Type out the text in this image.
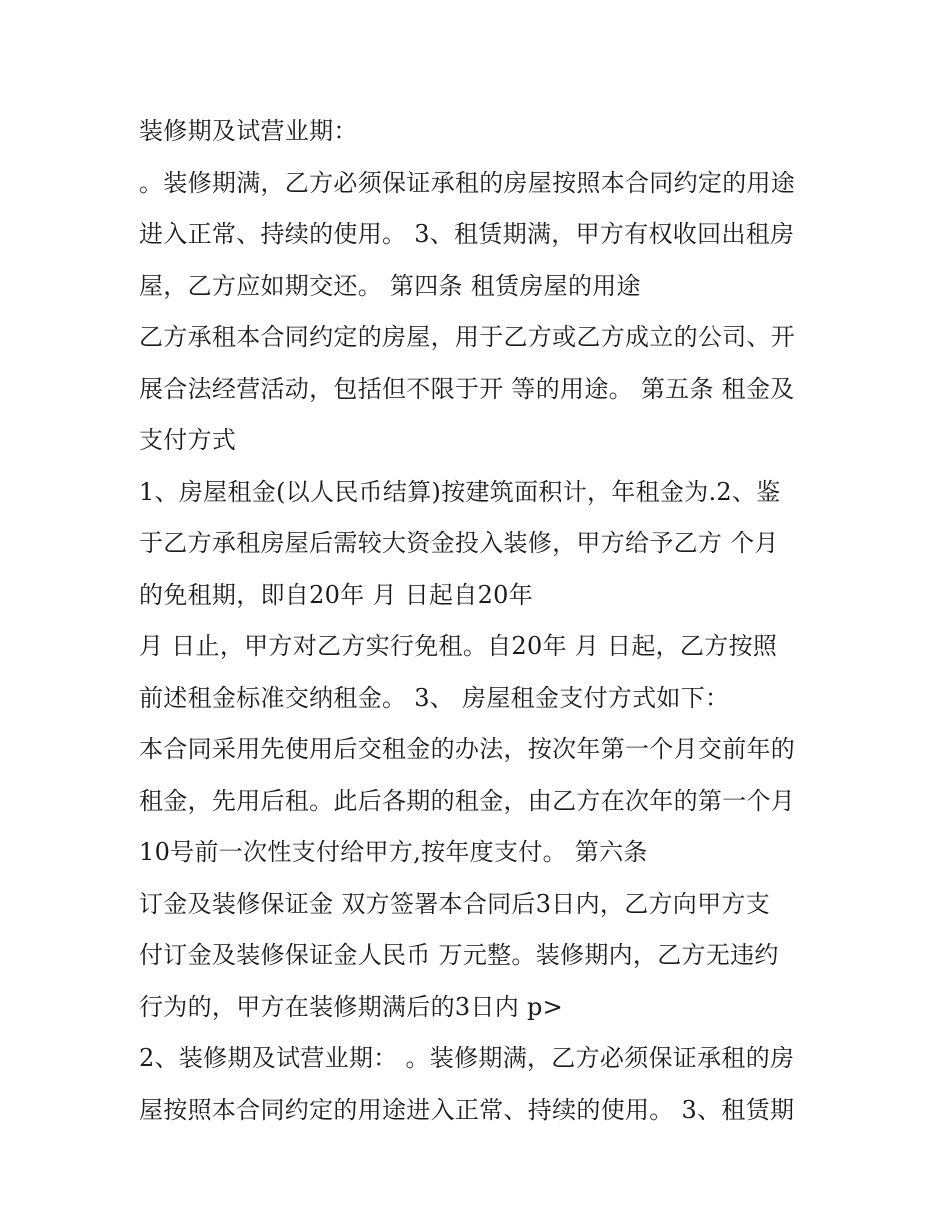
装修期及试营业期：
。装修期满，乙方必须保证承租的房屋按照本合同约定的用途
进入正常、持续的使用。 3、租赁期满，甲方有权收回出租房
屋，乙方应如期交还。 第四条 租赁房屋的用途
乙方承租本合同约定的房屋，用于乙方或乙方成立的公司、开
展合法经营活动，包括但不限于开 等的用途。 第五条 租金及
支付方式
1、房屋租金(以人民币结算)按建筑面积计，年租金为.2、鉴
于乙方承租房屋后需较大资金投入装修，甲方给予乙方 个月
的免租期，即自20年 月 日起自20年
月 日止，甲方对乙方实行免租。自20年 月 日起，乙方按照
前述租金标准交纳租金。 3、 房屋租金支付方式如下：
本合同采用先使用后交租金的办法，按次年第一个月交前年的
租金，先用后租。此后各期的租金，由乙方在次年的第一个月
10号前一次性支付给甲方,按年度支付。 第六条
订金及装修保证金 双方签署本合同后3日内，乙方向甲方支
付订金及装修保证金人民币 万元整。装修期内，乙方无违约
行为的，甲方在装修期满后的3日内 p>
2、装修期及试营业期： 。装修期满，乙方必须保证承租的房
屋按照本合同约定的用途进入正常、持续的使用。 3、租赁期
